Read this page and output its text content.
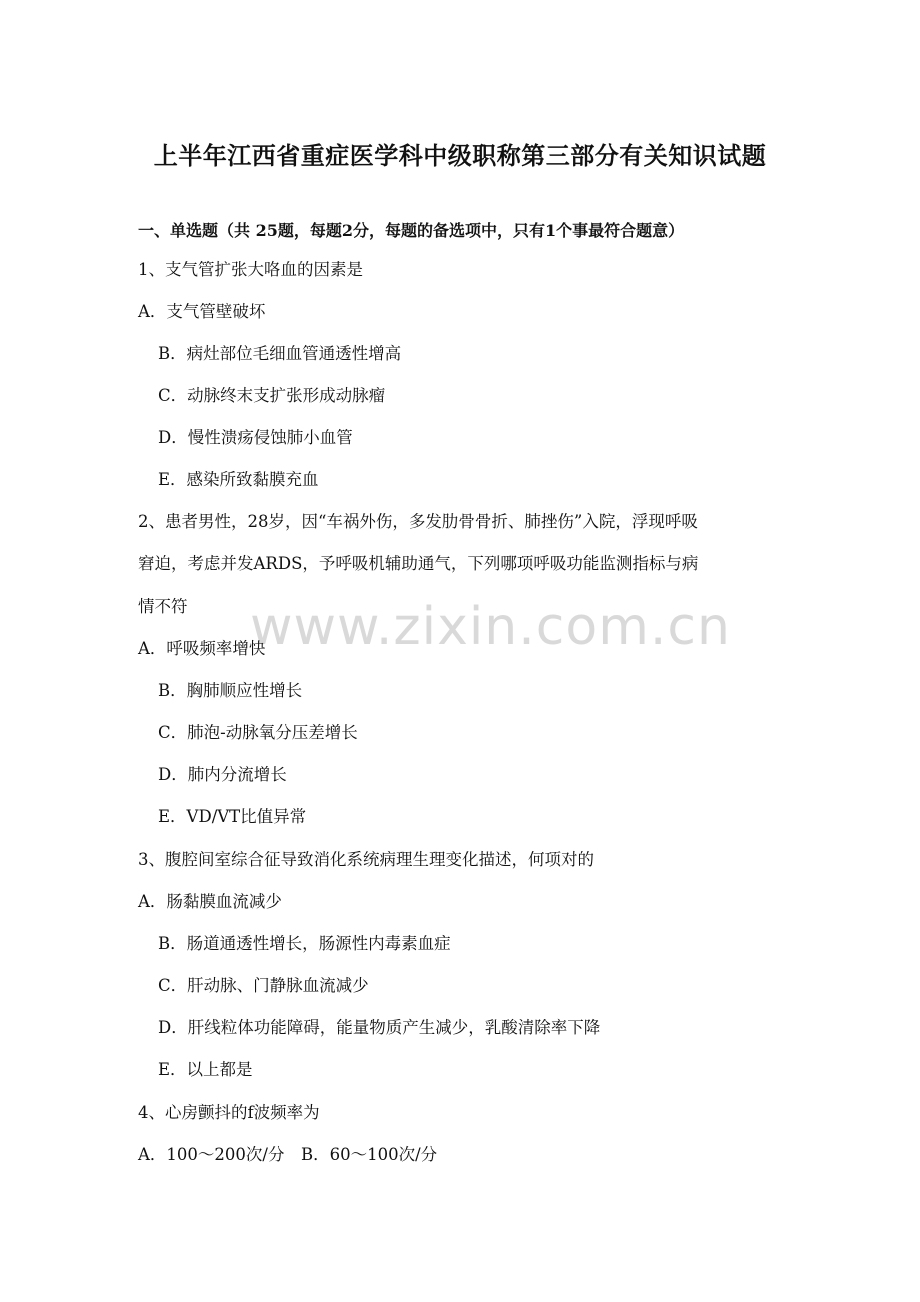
www.zixin.com.cn
上半年江西省重症医学科中级职称第三部分有关知识试题
一、单选题（共 25题，每题2分，每题的备选项中，只有1个事最符合题意）
1、支气管扩张大咯血的因素是
A．支气管壁破坏
B．病灶部位毛细血管通透性增高
C．动脉终末支扩张形成动脉瘤
D．慢性溃疡侵蚀肺小血管
E．感染所致黏膜充血
2、患者男性，28岁，因“车祸外伤，多发肋骨骨折、肺挫伤”入院，浮现呼吸
窘迫，考虑并发ARDS，予呼吸机辅助通气，下列哪项呼吸功能监测指标与病
情不符
A．呼吸频率增快
B．胸肺顺应性增长
C．肺泡-动脉氧分压差增长
D．肺内分流增长
E．VD/VT比值异常
3、腹腔间室综合征导致消化系统病理生理变化描述，何项对的
A．肠黏膜血流减少
B．肠道通透性增长，肠源性内毒素血症
C．肝动脉、门静脉血流减少
D．肝线粒体功能障碍，能量物质产生减少，乳酸清除率下降
E．以上都是
4、心房颤抖的f波频率为
A．100～200次/分　B．60～100次/分
